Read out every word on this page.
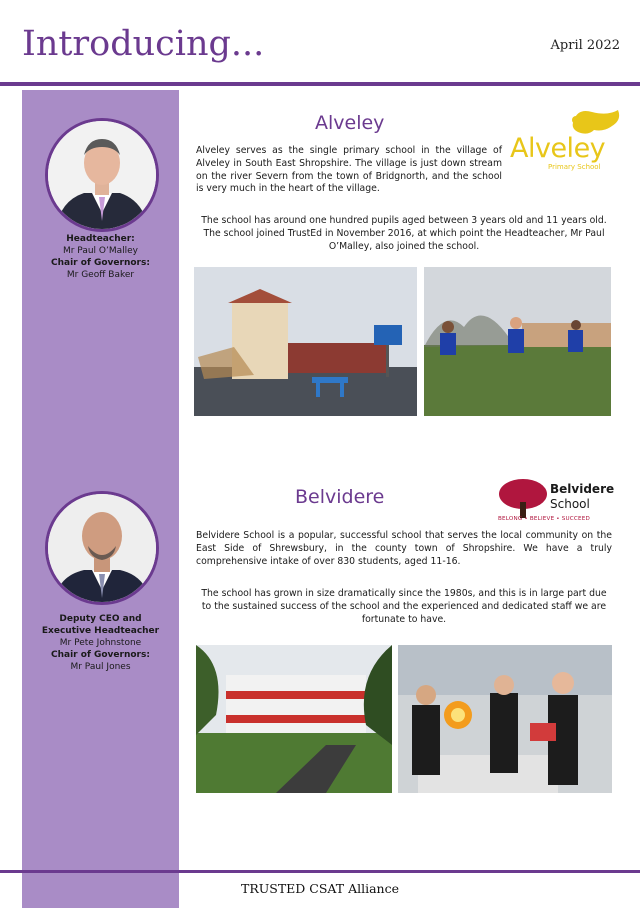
Introducing...	April 2022
Headteacher:
Mr Paul O’Malley
Chair of Governors:
Mr Geoff Baker
Deputy CEO and
Executive Headteacher
Mr Pete Johnstone
Chair of Governors:
Mr Paul Jones
Alveley
Alveley
Primary School
Alveley serves as the single primary school in the village of Alveley in South East Shropshire. The village is just down stream on the river Severn from the town of Bridgnorth, and the school is very much in the heart of the village.
The school has around one hundred pupils aged between 3 years old and 11 years old. The school joined TrustEd in November 2016, at which point the Headteacher, Mr Paul O’Malley, also joined the school.
Belvidere	Belvidere
School
BELONG • BELIEVE • SUCCEED
Belvidere School is a popular, successful school that serves the local community on the East Side of Shrewsbury, in the county town of Shropshire. We have a truly comprehensive intake of over 830 students, aged 11-16.
The school has grown in size dramatically since the 1980s, and this is in large part due to the sustained success of the school and the experienced and dedicated staff we are fortunate to have.
TRUSTED CSAT Alliance
